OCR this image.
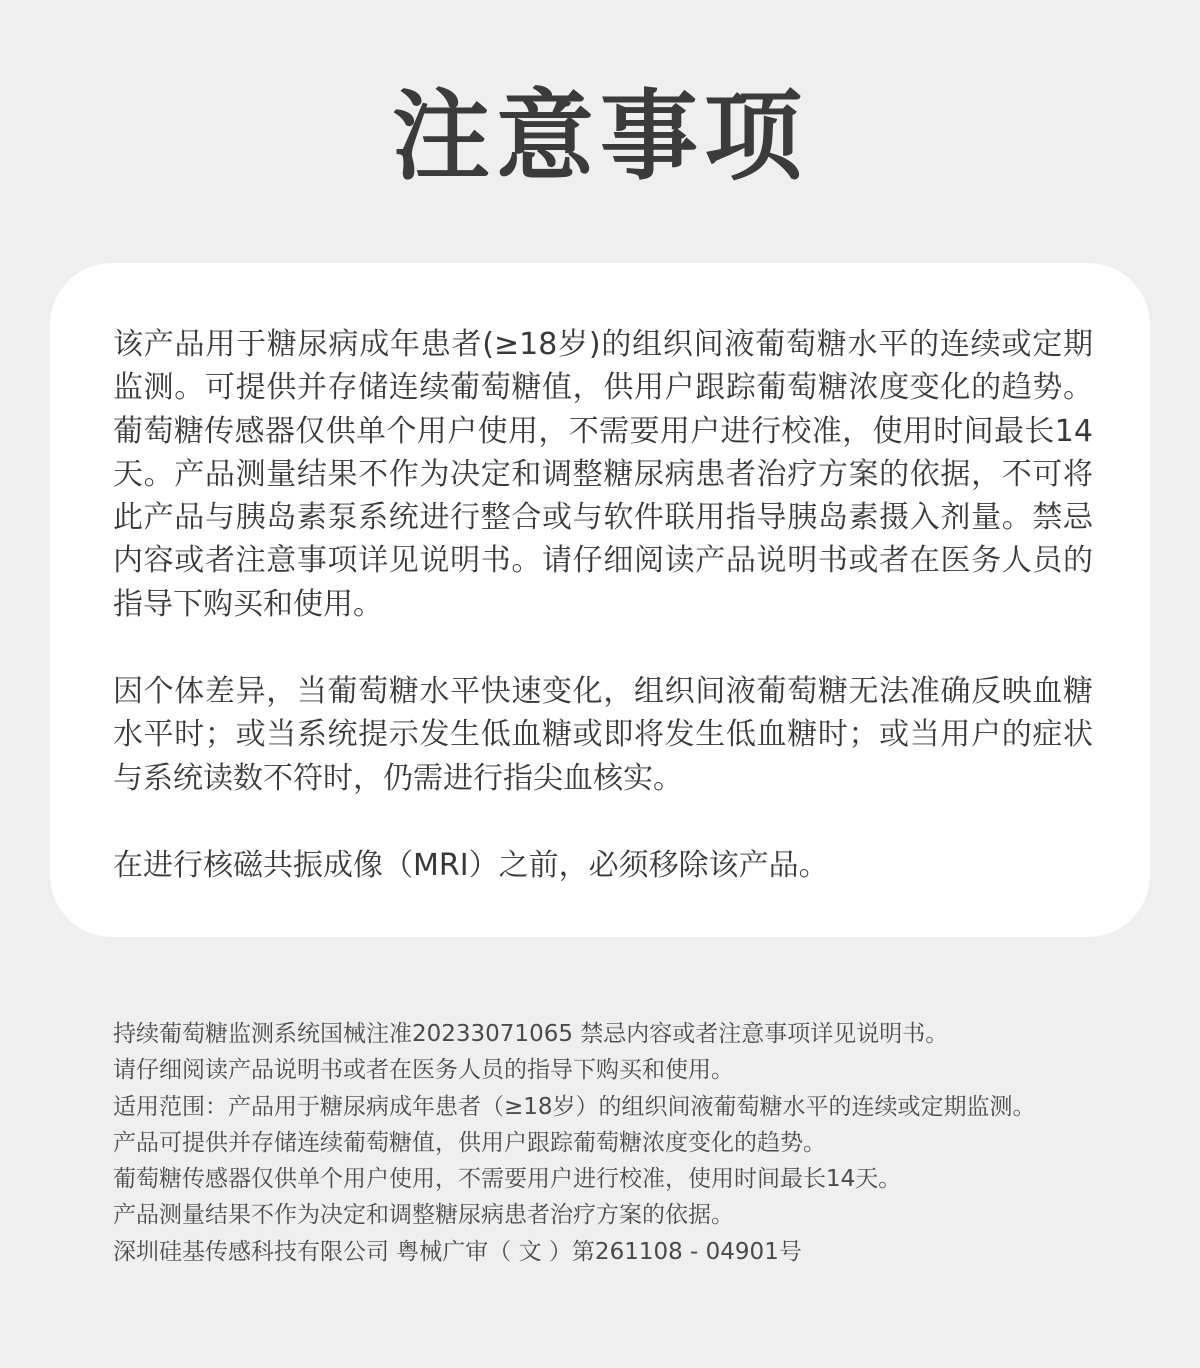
注意事项

该产品用于糖尿病成年患者(≥18岁)的组织间液葡萄糖水平的连续或定期监测。可提供并存储连续葡萄糖值，供用户跟踪葡萄糖浓度变化的趋势。葡萄糖传感器仅供单个用户使用，不需要用户进行校准，使用时间最长14天。产品测量结果不作为决定和调整糖尿病患者治疗方案的依据，不可将此产品与胰岛素泵系统进行整合或与软件联用指导胰岛素摄入剂量。禁忌内容或者注意事项详见说明书。请仔细阅读产品说明书或者在医务人员的指导下购买和使用。

因个体差异，当葡萄糖水平快速变化，组织间液葡萄糖无法准确反映血糖水平时；或当系统提示发生低血糖或即将发生低血糖时；或当用户的症状与系统读数不符时，仍需进行指尖血核实。

在进行核磁共振成像（MRI）之前，必须移除该产品。

持续葡萄糖监测系统国械注准20233071065 禁忌内容或者注意事项详见说明书。
请仔细阅读产品说明书或者在医务人员的指导下购买和使用。
适用范围：产品用于糖尿病成年患者（≥18岁）的组织间液葡萄糖水平的连续或定期监测。
产品可提供并存储连续葡萄糖值，供用户跟踪葡萄糖浓度变化的趋势。
葡萄糖传感器仅供单个用户使用，不需要用户进行校准，使用时间最长14天。
产品测量结果不作为决定和调整糖尿病患者治疗方案的依据。
深圳硅基传感科技有限公司 粤械广审（ 文 ）第261108 - 04901号
